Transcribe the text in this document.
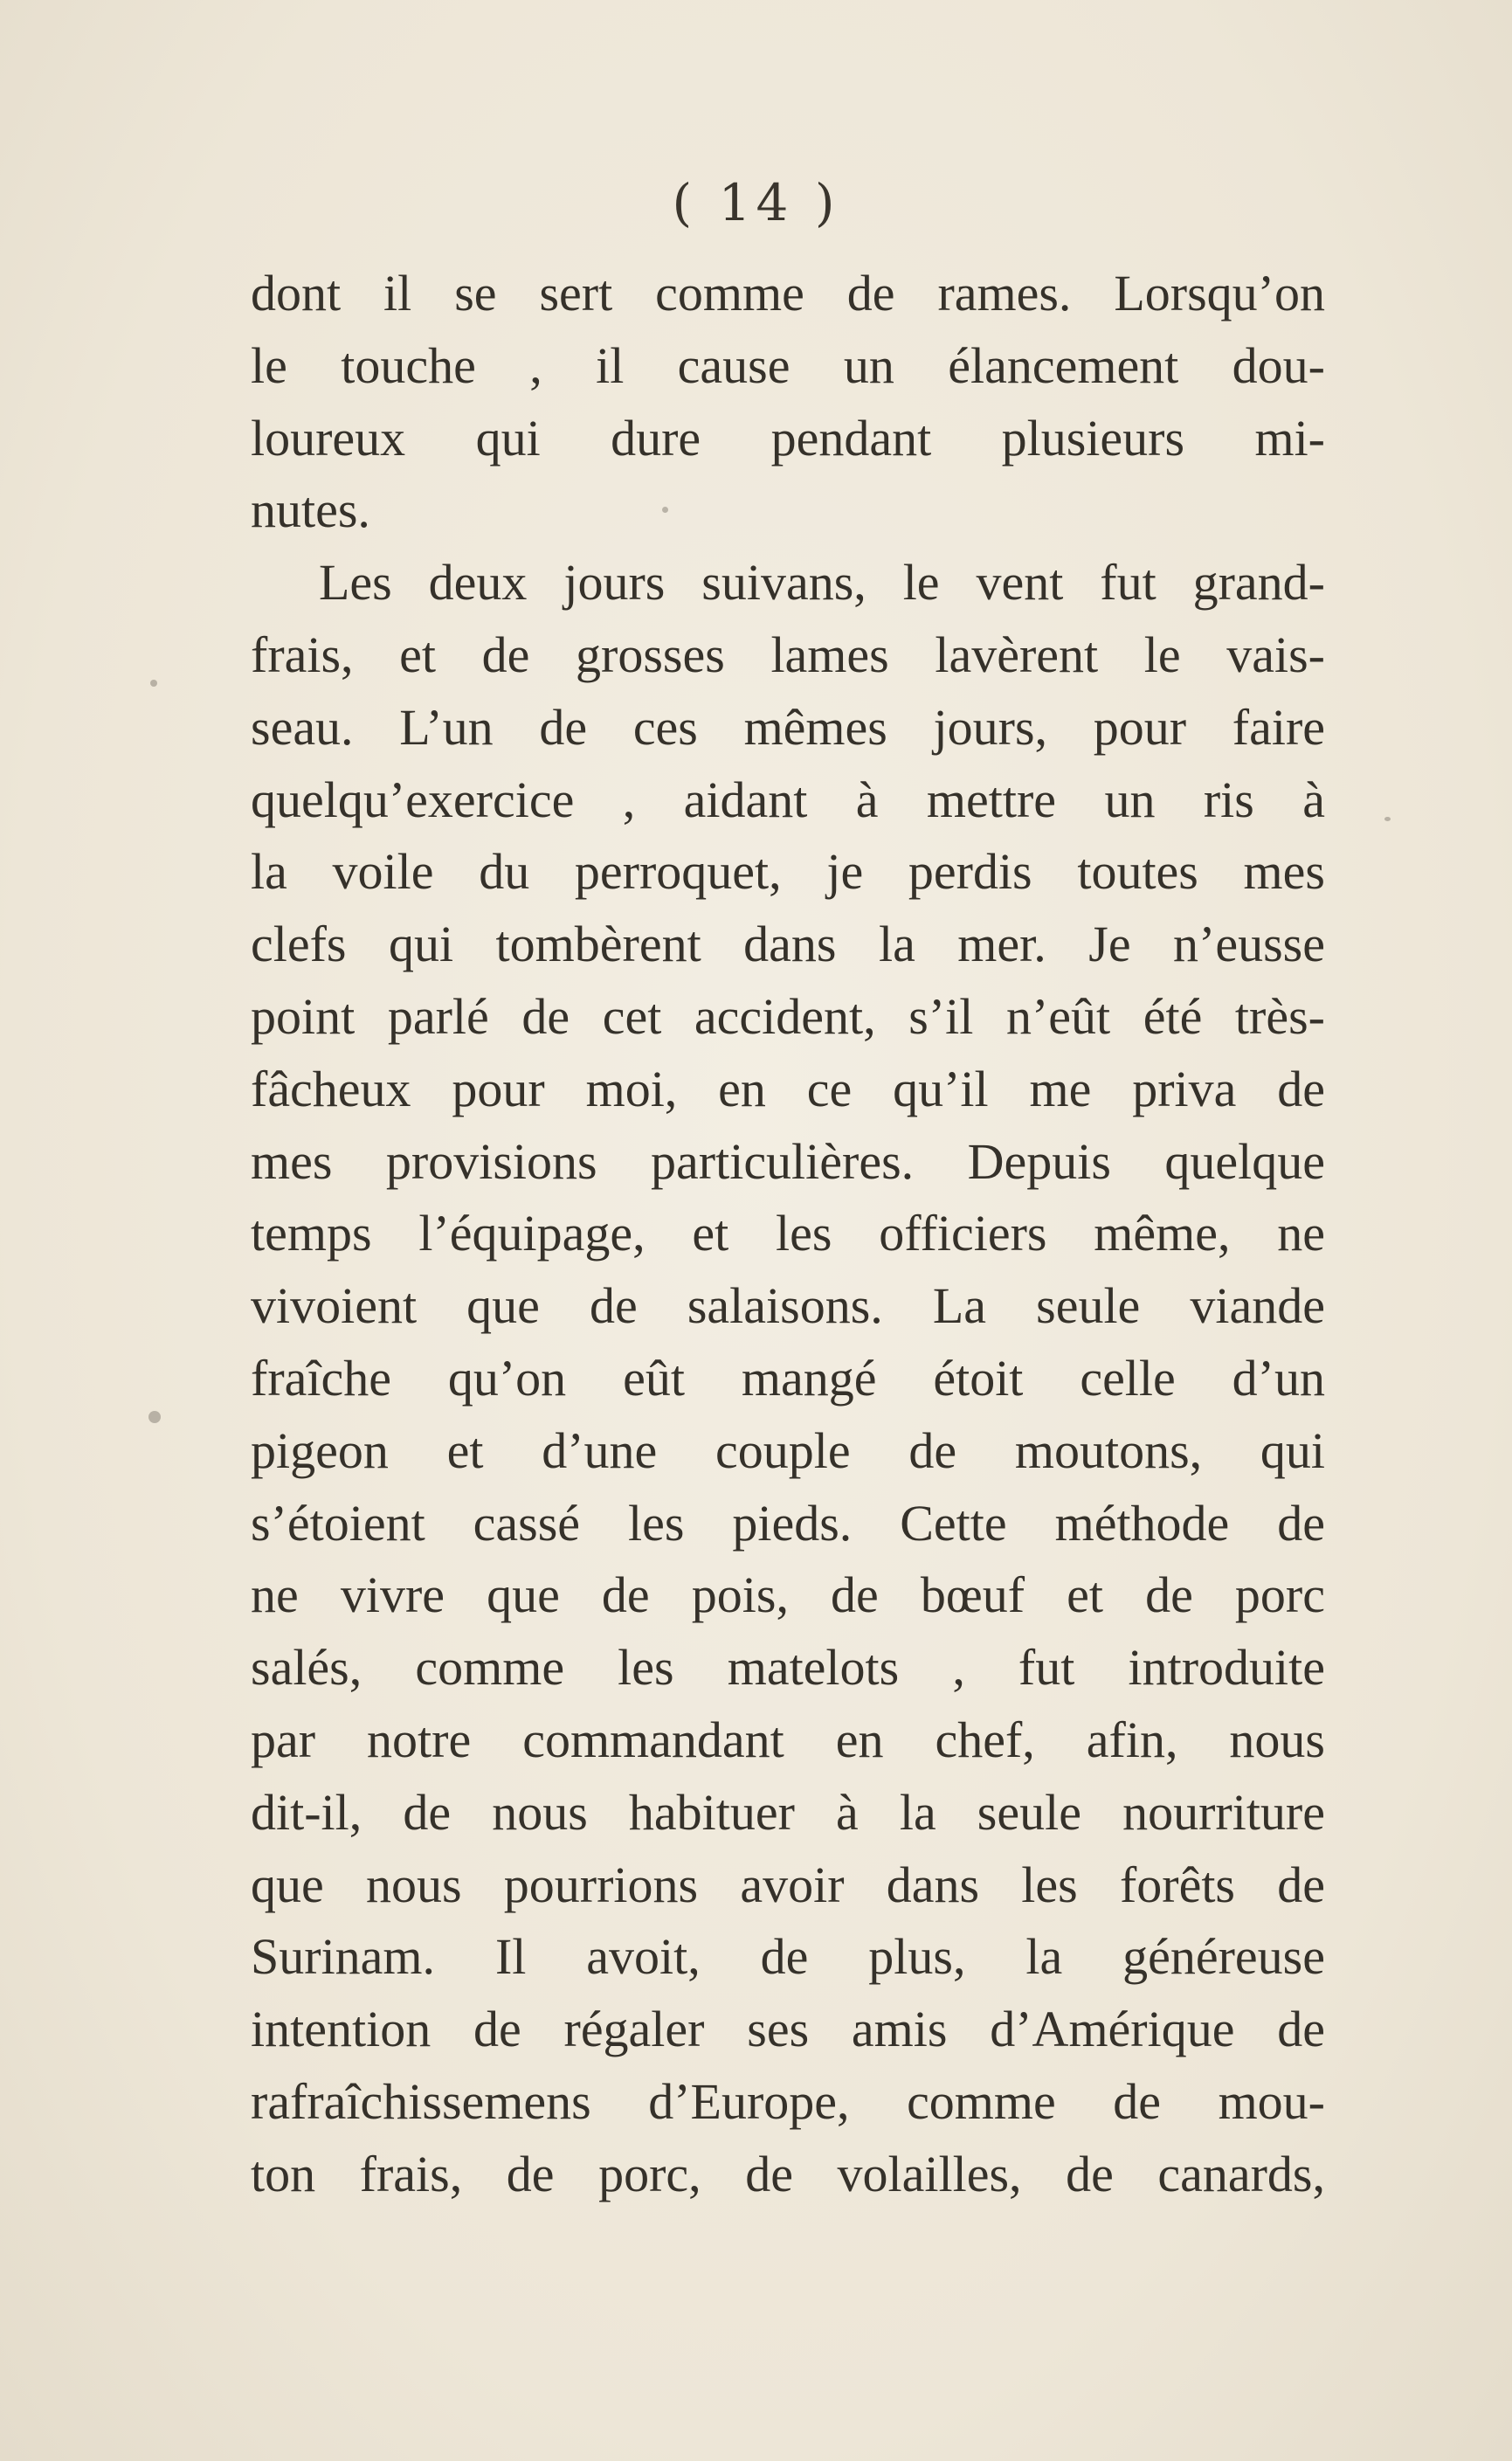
( 14 )
dont il se sert comme de rames. Lorsqu’on
le touche , il cause un élancement dou-
loureux qui dure pendant plusieurs mi-
nutes.
Les deux jours suivans, le vent fut grand-
frais, et de grosses lames lavèrent le vais-
seau. L’un de ces mêmes jours, pour faire
quelqu’exercice , aidant à mettre un ris à
la voile du perroquet, je perdis toutes mes
clefs qui tombèrent dans la mer. Je n’eusse
point parlé de cet accident, s’il n’eût été très-
fâcheux pour moi, en ce qu’il me priva de
mes provisions particulières. Depuis quelque
temps l’équipage, et les officiers même, ne
vivoient que de salaisons. La seule viande
fraîche qu’on eût mangé étoit celle d’un
pigeon et d’une couple de moutons, qui
s’étoient cassé les pieds. Cette méthode de
ne vivre que de pois, de bœuf et de porc
salés, comme les matelots , fut introduite
par notre commandant en chef, afin, nous
dit-il, de nous habituer à la seule nourriture
que nous pourrions avoir dans les forêts de
Surinam. Il avoit, de plus, la généreuse
intention de régaler ses amis d’Amérique de
rafraîchissemens d’Europe, comme de mou-
ton frais, de porc, de volailles, de canards,
